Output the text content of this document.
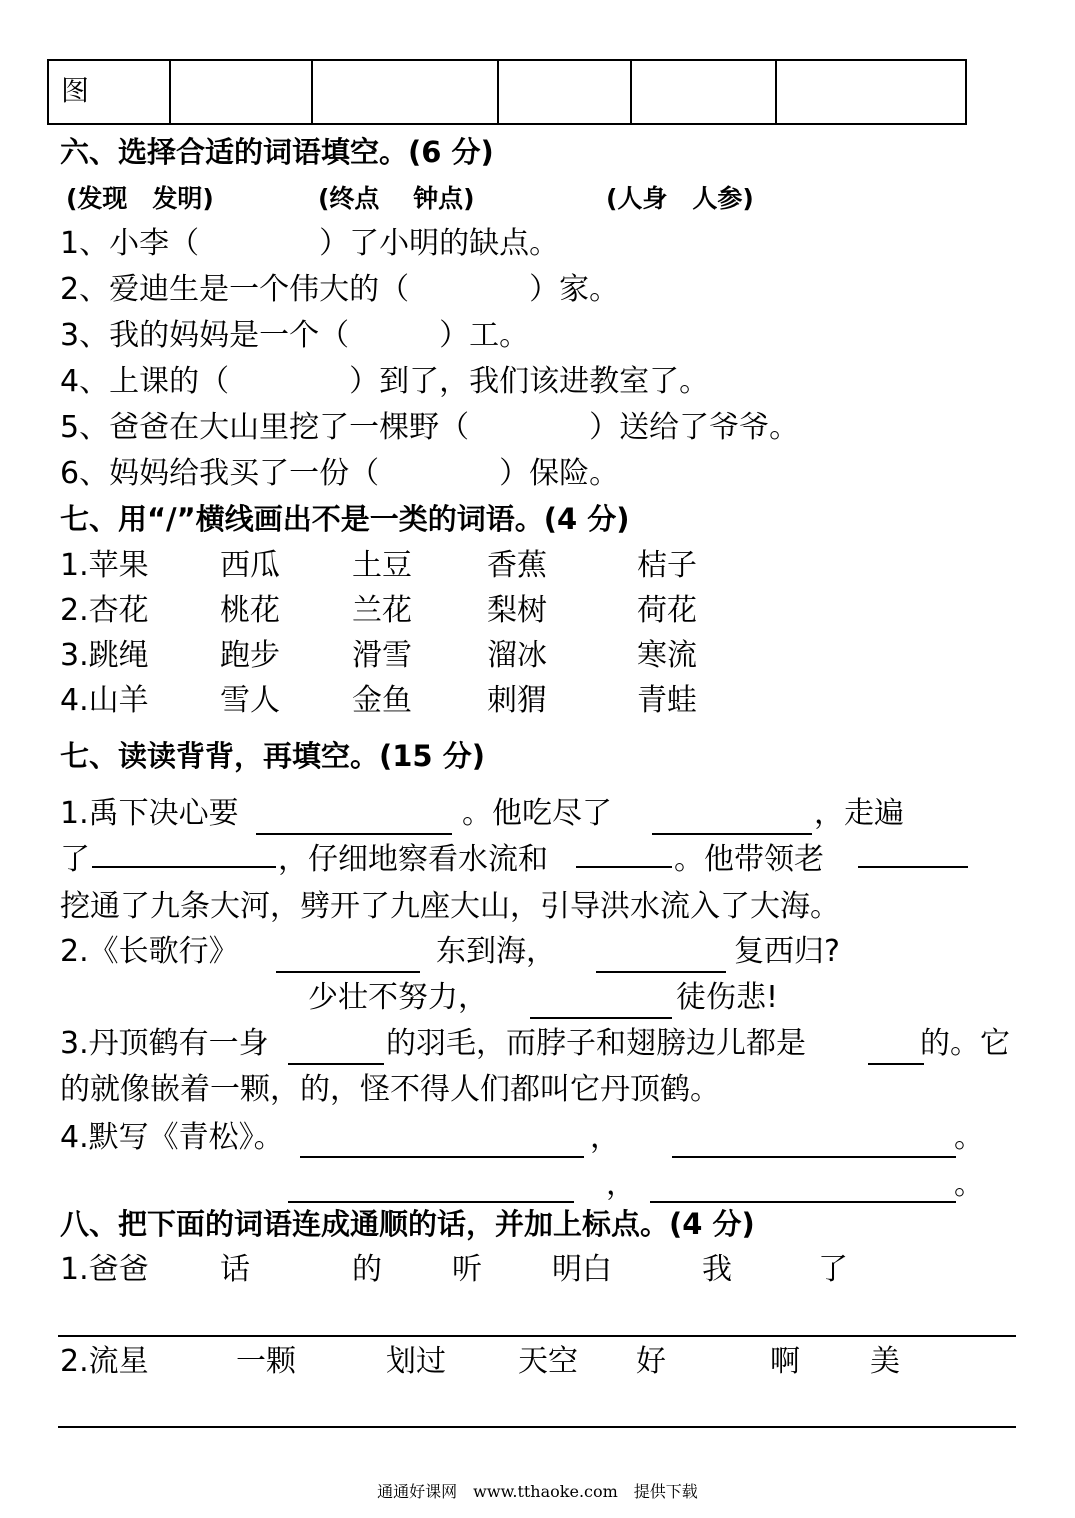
图
六、选择合适的词语填空。(6 分)
(发现　发明)	(终点　 钟点)	(人身　人参)
1、小李（　　　　）了小明的缺点。
2、爱迪生是一个伟大的（　　　　）家。
3、我的妈妈是一个（　　　）工。
4、上课的（　　　　）到了，我们该进教室了。
5、爸爸在大山里挖了一棵野（　　　　）送给了爷爷。
6、妈妈给我买了一份（　　　　）保险。
七、用“/”横线画出不是一类的词语。(4 分)
1.苹果 西瓜 土豆	香蕉	桔子
2.杏花 桃花 兰花	梨树	荷花
3.跳绳 跑步 滑雪	溜冰	寒流
4.山羊 雪人 金鱼	刺猬	青蛙
七、读读背背，再填空。(15 分)
1.禹下决心要	。他吃尽了	，走遍
了	，仔细地察看水流和	。他带领老
挖通了九条大河，劈开了九座大山，引导洪水流入了大海。
2.《长歌行》	东到海，	复西归?
少壮不努力，	徒伤悲!
3.丹顶鹤有一身	的羽毛，而脖子和翅膀边儿都是	的。它
的就像嵌着一颗，的，怪不得人们都叫它丹顶鹤。
4.默写《青松》。	，	。
，	。
八、把下面的词语连成通顺的话，并加上标点。(4 分)
1.爸爸 话	的 听 明白	我	了
2.流星	一颗	划过 天空 好	啊 美
通通好课网　www.tthaoke.com　提供下载
